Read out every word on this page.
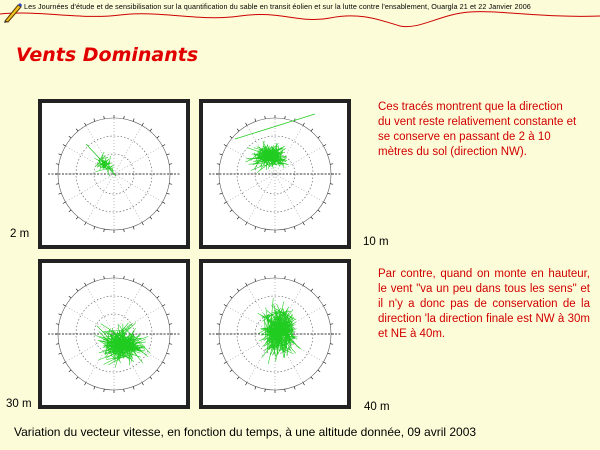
Les Journées d'étude et de sensibilisation sur la quantification du sable en transit éolien et sur la lutte contre l'ensablement, Ouargla 21 et 22 Janvier 2006
Vents Dominants
2 m
10 m
30 m	40 m
Ces tracés montrent que la direction du vent reste relativement constante et se conserve en passant de 2 à 10 mètres du sol (direction NW).
Par contre, quand on monte en hauteur, le vent "va un peu dans tous les sens" et il n'y a donc pas de conservation de la direction 'la direction finale est NW à 30m et NE à 40m.
Variation du vecteur vitesse, en fonction du temps, à une altitude donnée, 09 avril 2003
